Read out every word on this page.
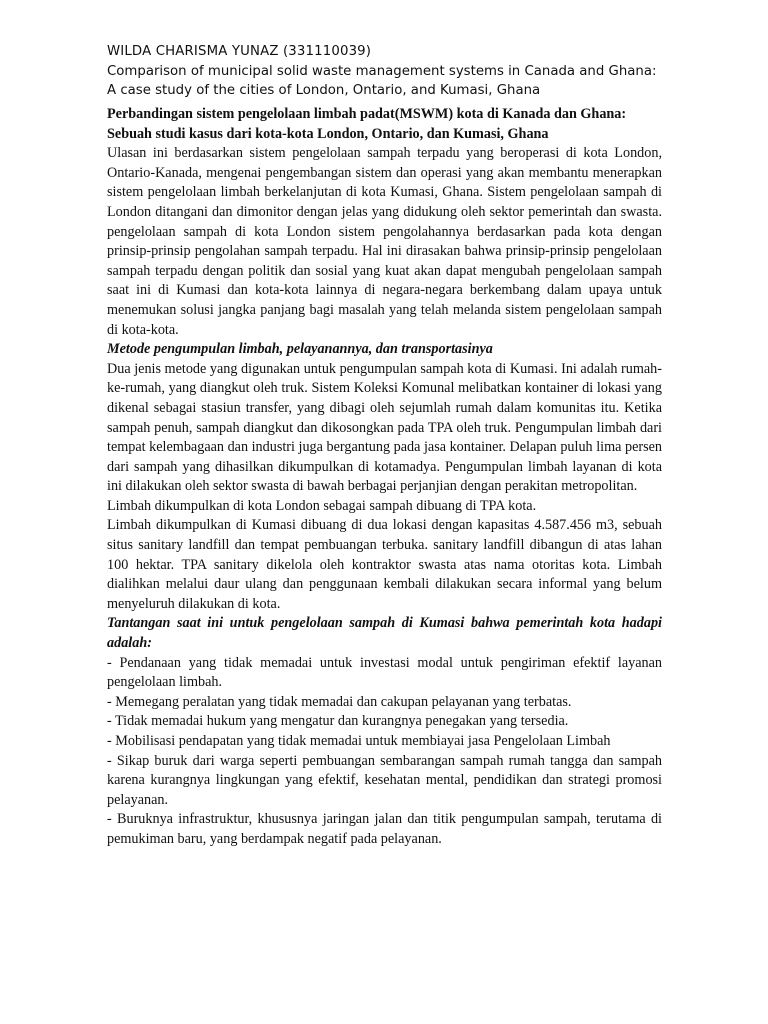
WILDA CHARISMA YUNAZ (331110039)

Comparison of municipal solid waste management systems in Canada and Ghana: A case study of the cities of London, Ontario, and Kumasi, Ghana

Perbandingan sistem pengelolaan limbah padat(MSWM) kota di Kanada dan Ghana: Sebuah studi kasus dari kota-kota London, Ontario, dan Kumasi, Ghana

Ulasan ini berdasarkan sistem pengelolaan sampah terpadu yang beroperasi di kota London, Ontario-Kanada, mengenai pengembangan sistem dan operasi yang akan membantu menerapkan sistem pengelolaan limbah berkelanjutan di kota Kumasi, Ghana. Sistem pengelolaan sampah di London ditangani dan dimonitor dengan jelas yang didukung oleh sektor pemerintah dan swasta. pengelolaan sampah di kota London sistem pengolahannya berdasarkan pada kota dengan prinsip-prinsip pengolahan sampah terpadu. Hal ini dirasakan bahwa prinsip-prinsip pengelolaan sampah terpadu dengan politik dan sosial yang kuat akan dapat mengubah pengelolaan sampah saat ini di Kumasi dan kota-kota lainnya di negara-negara berkembang dalam upaya untuk menemukan solusi jangka panjang bagi masalah yang telah melanda sistem pengelolaan sampah di kota-kota.

Metode pengumpulan limbah, pelayanannya, dan transportasinya

Dua jenis metode yang digunakan untuk pengumpulan sampah kota di Kumasi. Ini adalah rumah-ke-rumah, yang diangkut oleh truk. Sistem Koleksi Komunal melibatkan kontainer di lokasi yang dikenal sebagai stasiun transfer, yang dibagi oleh sejumlah rumah dalam komunitas itu. Ketika sampah penuh, sampah diangkut dan dikosongkan pada TPA oleh truk. Pengumpulan limbah dari tempat kelembagaan dan industri juga bergantung pada jasa kontainer. Delapan puluh lima persen dari sampah yang dihasilkan dikumpulkan di kotamadya. Pengumpulan limbah layanan di kota ini dilakukan oleh sektor swasta di bawah berbagai perjanjian dengan perakitan metropolitan.

Limbah dikumpulkan di kota London sebagai sampah dibuang di TPA kota.

Limbah dikumpulkan di Kumasi dibuang di dua lokasi dengan kapasitas 4.587.456 m3, sebuah situs sanitary landfill dan tempat pembuangan terbuka. sanitary landfill dibangun di atas lahan 100 hektar. TPA sanitary dikelola oleh kontraktor swasta atas nama otoritas kota. Limbah dialihkan melalui daur ulang dan penggunaan kembali dilakukan secara informal yang belum menyeluruh dilakukan di kota.

Tantangan saat ini untuk pengelolaan sampah di Kumasi bahwa pemerintah kota hadapi adalah:

- Pendanaan yang tidak memadai untuk investasi modal untuk pengiriman efektif layanan pengelolaan limbah.

- Memegang peralatan yang tidak memadai dan cakupan pelayanan yang terbatas.

- Tidak memadai hukum yang mengatur dan kurangnya penegakan yang tersedia.

- Mobilisasi pendapatan yang tidak memadai untuk membiayai jasa Pengelolaan Limbah

- Sikap buruk dari warga seperti pembuangan sembarangan sampah rumah tangga dan sampah karena kurangnya lingkungan yang efektif, kesehatan mental, pendidikan dan strategi promosi pelayanan.

- Buruknya infrastruktur, khususnya jaringan jalan dan titik pengumpulan sampah, terutama di pemukiman baru, yang berdampak negatif pada pelayanan.
